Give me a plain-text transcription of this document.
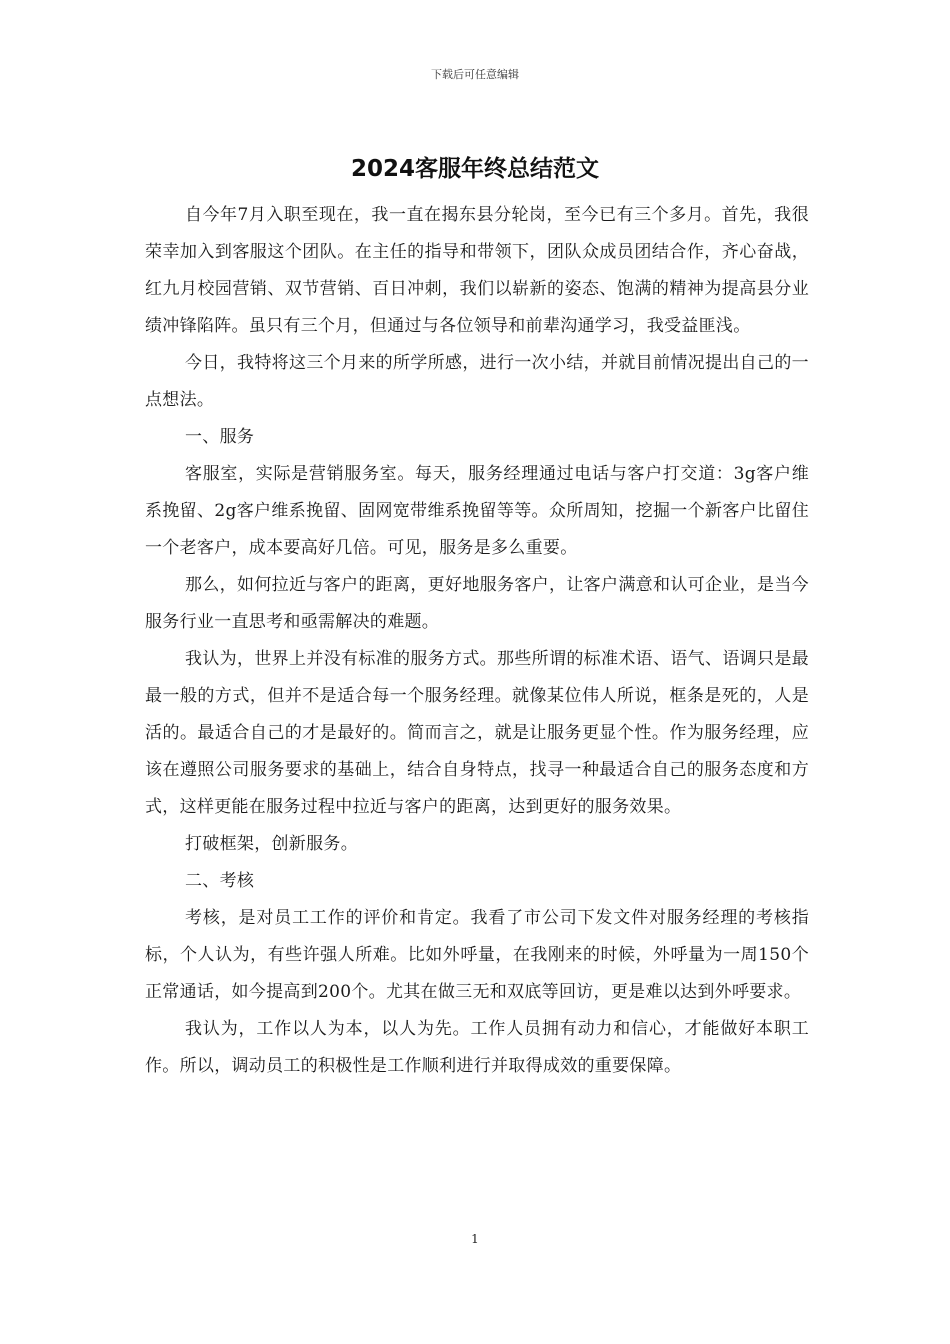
下载后可任意编辑
2024客服年终总结范文

自今年7月入职至现在，我一直在揭东县分轮岗，至今已有三个多月。首先，我很荣幸加入到客服这个团队。在主任的指导和带领下，团队众成员团结合作，齐心奋战，红九月校园营销、双节营销、百日冲刺，我们以崭新的姿态、饱满的精神为提高县分业绩冲锋陷阵。虽只有三个月，但通过与各位领导和前辈沟通学习，我受益匪浅。

今日，我特将这三个月来的所学所感，进行一次小结，并就目前情况提出自己的一点想法。

一、服务

客服室，实际是营销服务室。每天，服务经理通过电话与客户打交道：3g客户维系挽留、2g客户维系挽留、固网宽带维系挽留等等。众所周知，挖掘一个新客户比留住一个老客户，成本要高好几倍。可见，服务是多么重要。

那么，如何拉近与客户的距离，更好地服务客户，让客户满意和认可企业，是当今服务行业一直思考和亟需解决的难题。

我认为，世界上并没有标准的服务方式。那些所谓的标准术语、语气、语调只是最最一般的方式，但并不是适合每一个服务经理。就像某位伟人所说，框条是死的，人是活的。最适合自己的才是最好的。简而言之，就是让服务更显个性。作为服务经理，应该在遵照公司服务要求的基础上，结合自身特点，找寻一种最适合自己的服务态度和方式，这样更能在服务过程中拉近与客户的距离，达到更好的服务效果。

打破框架，创新服务。

二、考核

考核，是对员工工作的评价和肯定。我看了市公司下发文件对服务经理的考核指标，个人认为，有些许强人所难。比如外呼量，在我刚来的时候，外呼量为一周150个正常通话，如今提高到200个。尤其在做三无和双底等回访，更是难以达到外呼要求。

我认为，工作以人为本，以人为先。工作人员拥有动力和信心，才能做好本职工作。所以，调动员工的积极性是工作顺利进行并取得成效的重要保障。

1
